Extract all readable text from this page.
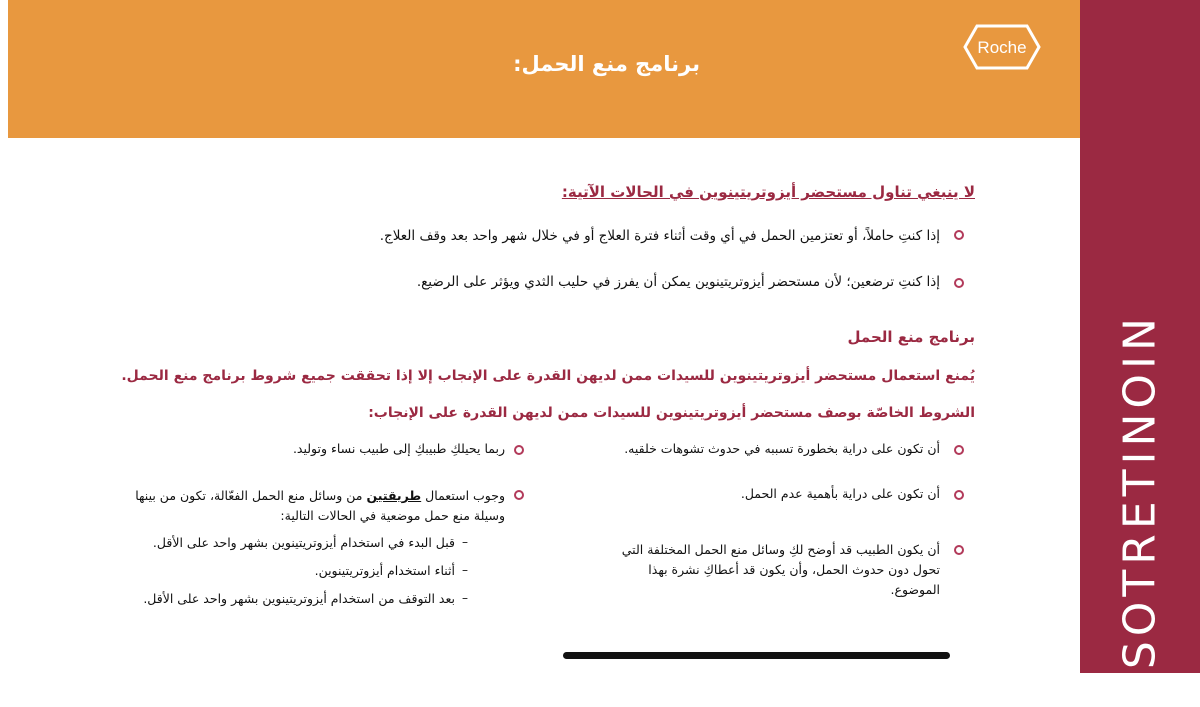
برنامج منع الحمل:
Roche
|ISOTRETINOIN
لا ينبغي تناول مستحضر أيزوتريتينوين في الحالات الآتية:
إذا كنتِ حاملاً، أو تعتزمين الحمل في أي وقت أثناء فترة العلاج أو في خلال شهر واحد بعد وقف العلاج.
إذا كنتِ ترضعين؛ لأن مستحضر أيزوتريتينوين يمكن أن يفرز في حليب الثدي ويؤثر على الرضيع.
برنامج منع الحمل
يُمنع استعمال مستحضر أيزوتريتينوين للسيدات ممن لديهن القدرة على الإنجاب إلا إذا تحققت جميع شروط برنامج منع الحمل.
الشروط الخاصّة بوصف مستحضر أيزوتريتينوين للسيدات ممن لديهن القدرة على الإنجاب:
أن تكون على دراية بخطورة تسببه في حدوث تشوهات خلقيه.
أن تكون على دراية بأهمية عدم الحمل.
أن يكون الطبيب قد أوضح لكِ وسائل منع الحمل المختلفة التي تحول دون حدوث الحمل، وأن يكون قد أعطاكِ نشرة بهذا الموضوع.
ربما يحيلكِ طبيبكِ إلى طبيب نساء وتوليد.
وجوب استعمال طريقتين من وسائل منع الحمل الفعّالة، تكون من بينها وسيلة منع حمل موضعية في الحالات التالية:
–
قبل البدء في استخدام أيزوتريتينوين بشهر واحد على الأقل.
–
أثناء استخدام أيزوتريتينوين.
–
بعد التوقف من استخدام أيزوتريتينوين بشهر واحد على الأقل.
